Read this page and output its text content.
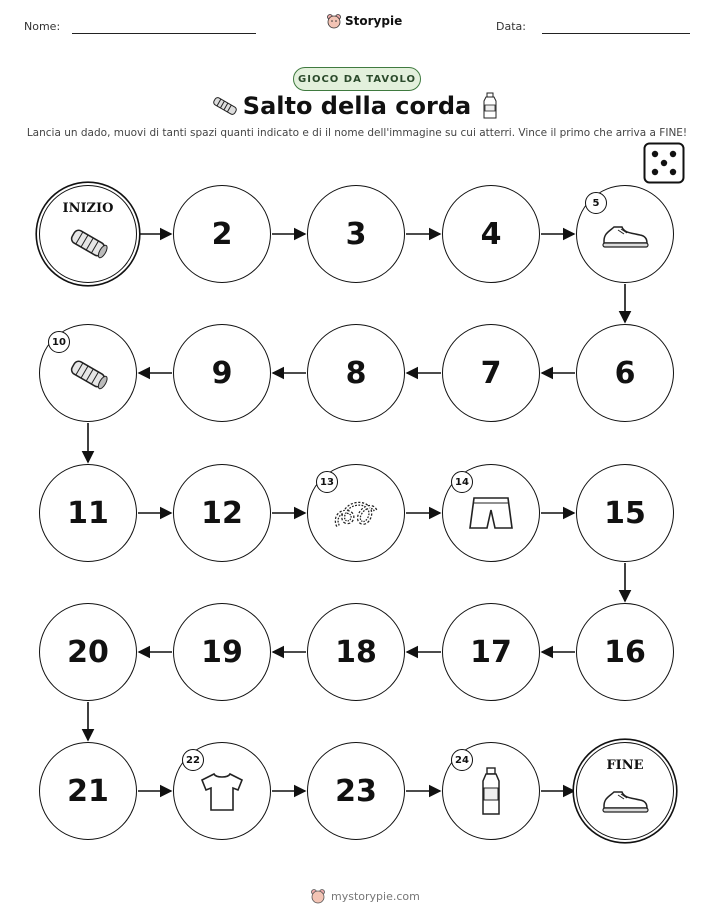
Nome:	Storypie	Data:
GIOCO DA TAVOLO
Salto della corda
Lancia un dado, muovi di tanti spazi quanti indicato e di il nome dell'immagine su cui atterri. Vince il primo che arriva a FINE!
INIZIO
2	3	4
5
6
7
8
9
10
11	12
13	14
15
16
17
18
19
20
21
22
23
24	FINE
mystorypie.com
